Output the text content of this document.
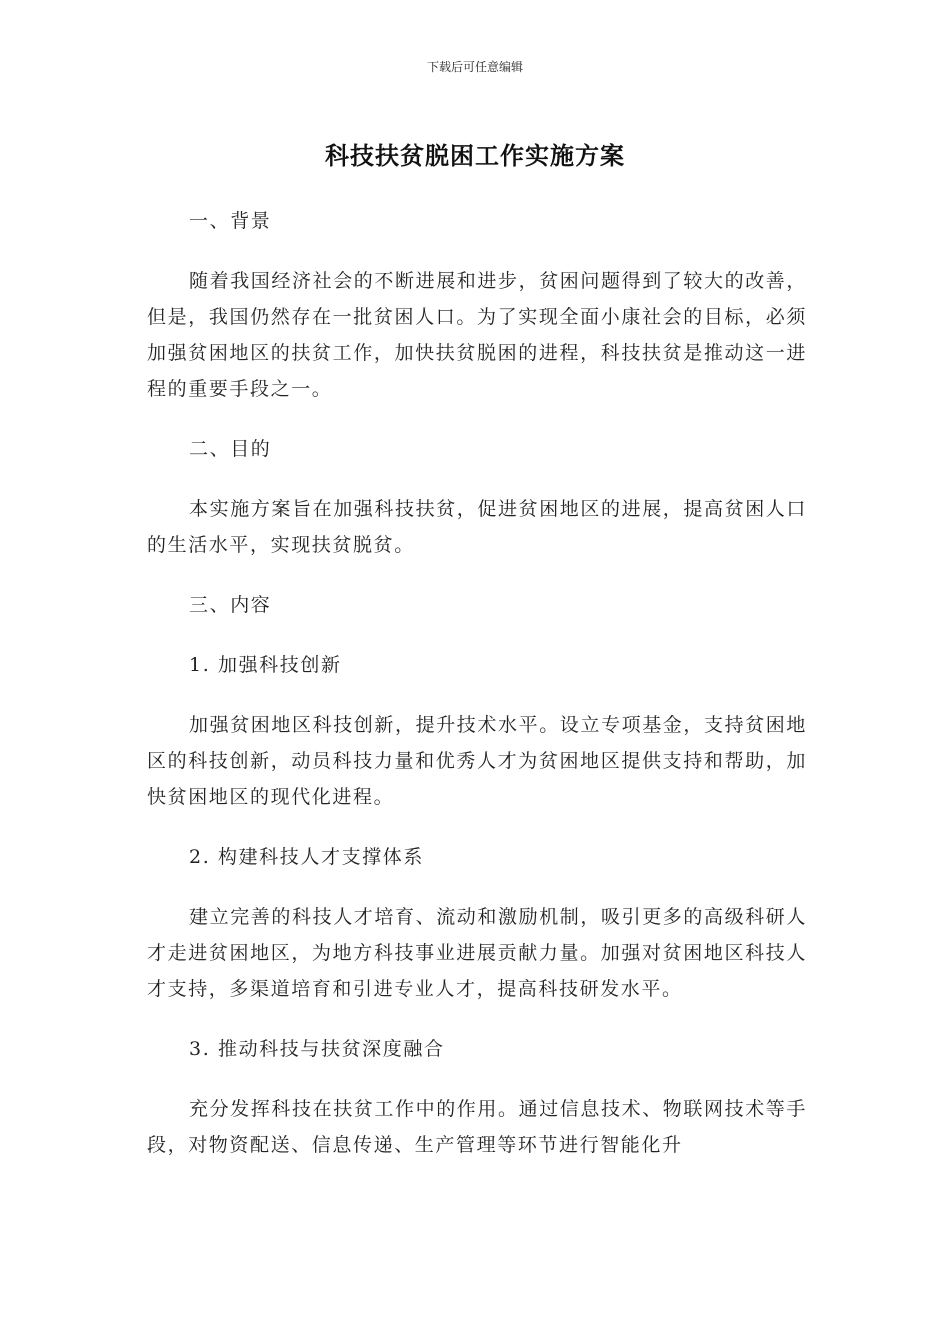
下载后可任意编辑
科技扶贫脱困工作实施方案
一、背景
随着我国经济社会的不断进展和进步，贫困问题得到了较大的改善，但是，我国仍然存在一批贫困人口。为了实现全面小康社会的目标，必须加强贫困地区的扶贫工作，加快扶贫脱困的进程，科技扶贫是推动这一进程的重要手段之一。
二、目的
本实施方案旨在加强科技扶贫，促进贫困地区的进展，提高贫困人口的生活水平，实现扶贫脱贫。
三、内容
1. 加强科技创新
加强贫困地区科技创新，提升技术水平。设立专项基金，支持贫困地区的科技创新，动员科技力量和优秀人才为贫困地区提供支持和帮助，加快贫困地区的现代化进程。
2. 构建科技人才支撑体系
建立完善的科技人才培育、流动和激励机制，吸引更多的高级科研人才走进贫困地区，为地方科技事业进展贡献力量。加强对贫困地区科技人才支持，多渠道培育和引进专业人才，提高科技研发水平。
3. 推动科技与扶贫深度融合
充分发挥科技在扶贫工作中的作用。通过信息技术、物联网技术等手段，对物资配送、信息传递、生产管理等环节进行智能化升
